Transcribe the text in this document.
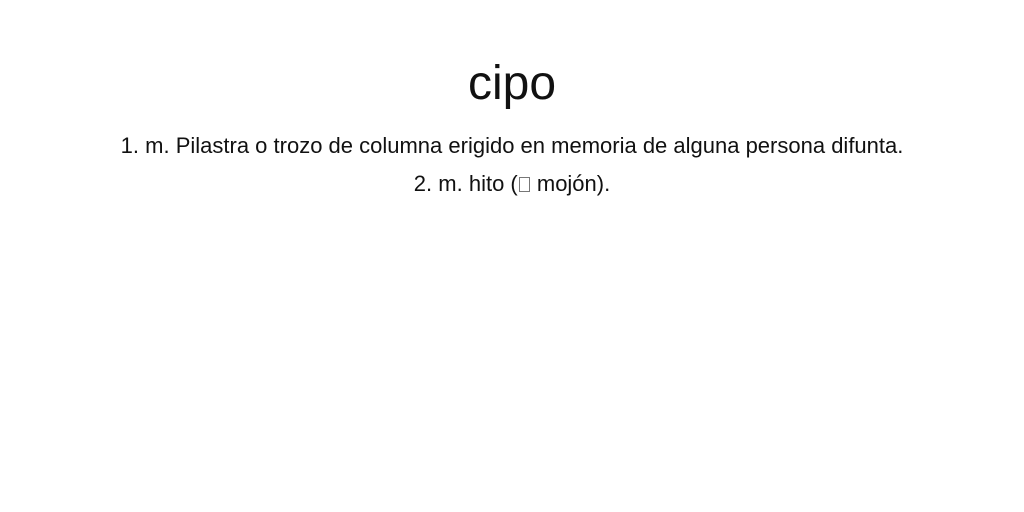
cipo

1. m. Pilastra o trozo de columna erigido en memoria de alguna persona difunta.

2. m. hito ( mojón).
